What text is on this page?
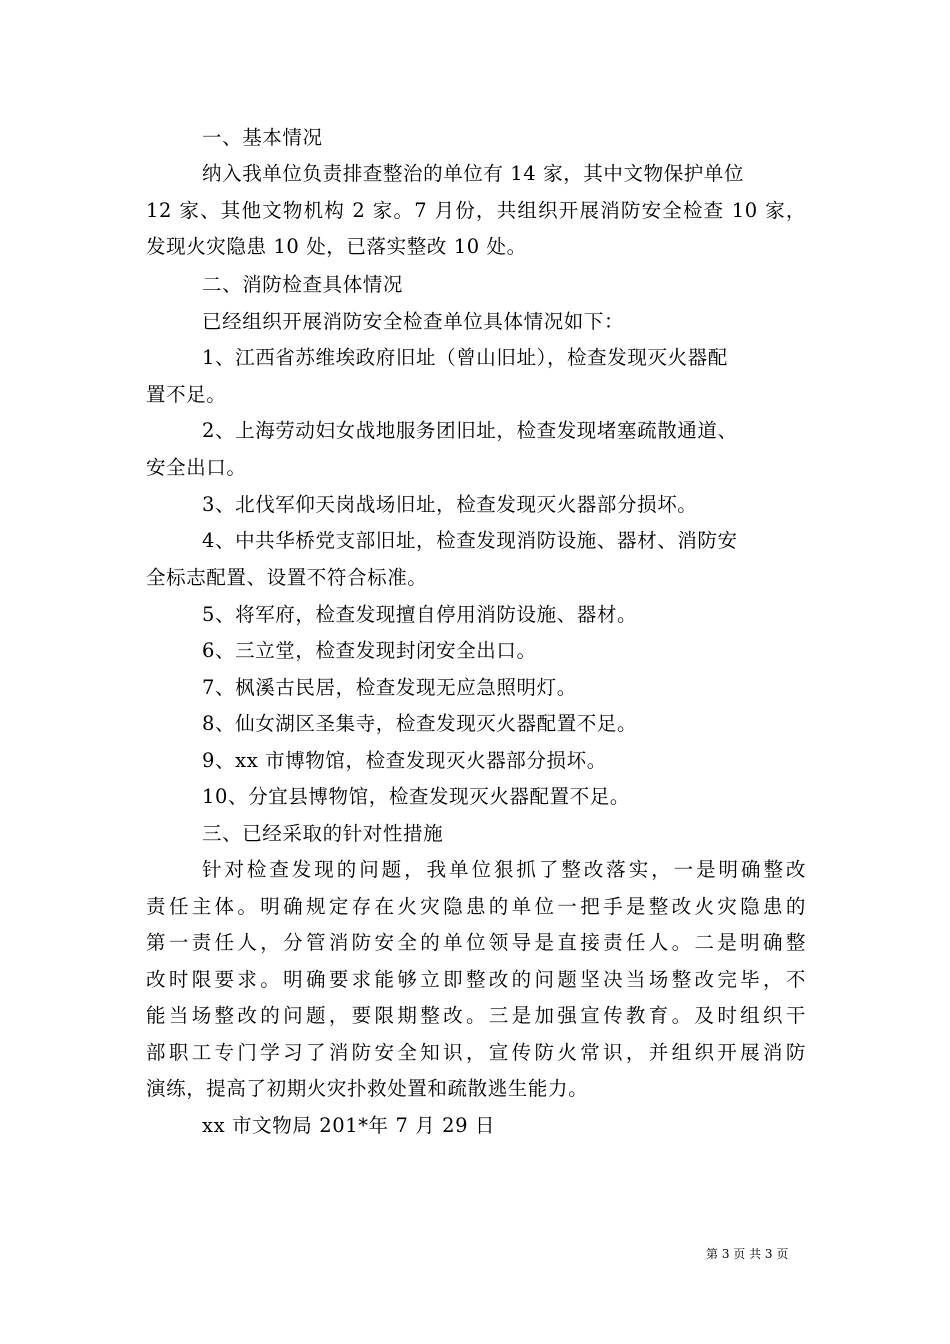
一、基本情况
纳入我单位负责排查整治的单位有 14 家，其中文物保护单位
12 家、其他文物机构 2 家。7 月份，共组织开展消防安全检查 10 家，
发现火灾隐患 10 处，已落实整改 10 处。
二、消防检查具体情况
已经组织开展消防安全检查单位具体情况如下：
1、江西省苏维埃政府旧址（曾山旧址），检查发现灭火器配
置不足。
2、上海劳动妇女战地服务团旧址，检查发现堵塞疏散通道、
安全出口。
3、北伐军仰天岗战场旧址，检查发现灭火器部分损坏。
4、中共华桥党支部旧址，检查发现消防设施、器材、消防安
全标志配置、设置不符合标准。
5、将军府，检查发现擅自停用消防设施、器材。
6、三立堂，检查发现封闭安全出口。
7、枫溪古民居，检查发现无应急照明灯。
8、仙女湖区圣集寺，检查发现灭火器配置不足。
9、xx 市博物馆，检查发现灭火器部分损坏。
10、分宜县博物馆，检查发现灭火器配置不足。
三、已经采取的针对性措施
针对检查发现的问题，我单位狠抓了整改落实，一是明确整改
责任主体。明确规定存在火灾隐患的单位一把手是整改火灾隐患的
第一责任人，分管消防安全的单位领导是直接责任人。二是明确整
改时限要求。明确要求能够立即整改的问题坚决当场整改完毕，不
能当场整改的问题，要限期整改。三是加强宣传教育。及时组织干
部职工专门学习了消防安全知识，宣传防火常识，并组织开展消防
演练，提高了初期火灾扑救处置和疏散逃生能力。
xx 市文物局 201*年 7 月 29 日
第 3 页 共 3 页
